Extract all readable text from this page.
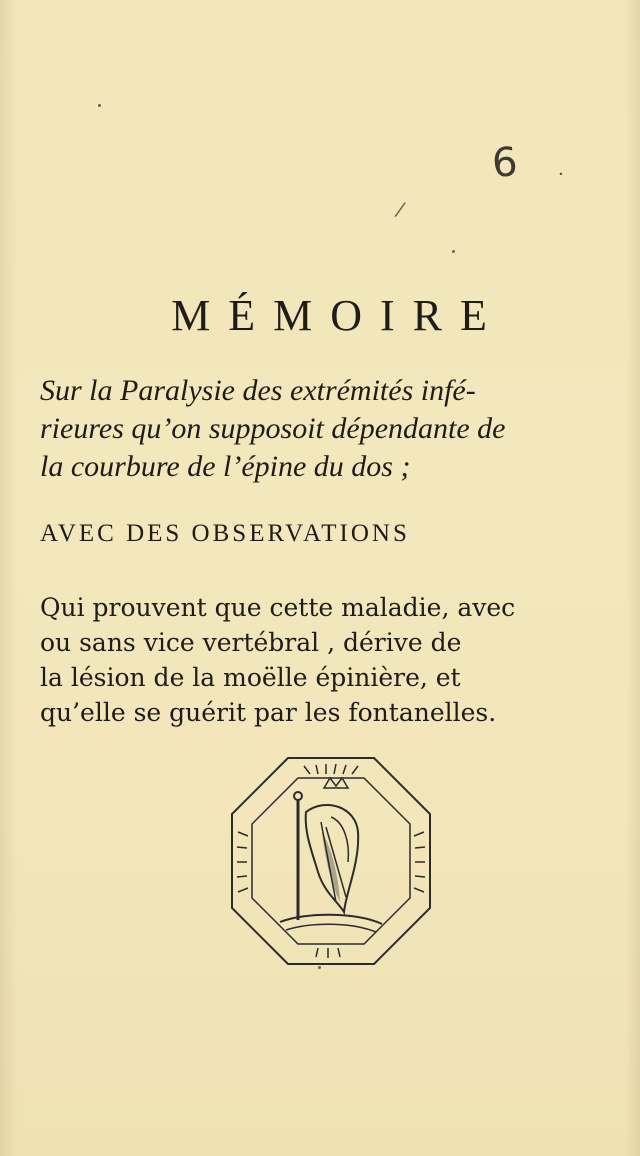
6 ·
/
MÉMOIRE

Sur la Paralysie des extrémités infé-
rieures qu’on supposoit dépendante de
la courbure de l’épine du dos ;

AVEC DES OBSERVATIONS

Qui prouvent que cette maladie, avec
ou sans vice vertébral , dérive de
la lésion de la moëlle épinière, et
qu’elle se guérit par les fontanelles.
